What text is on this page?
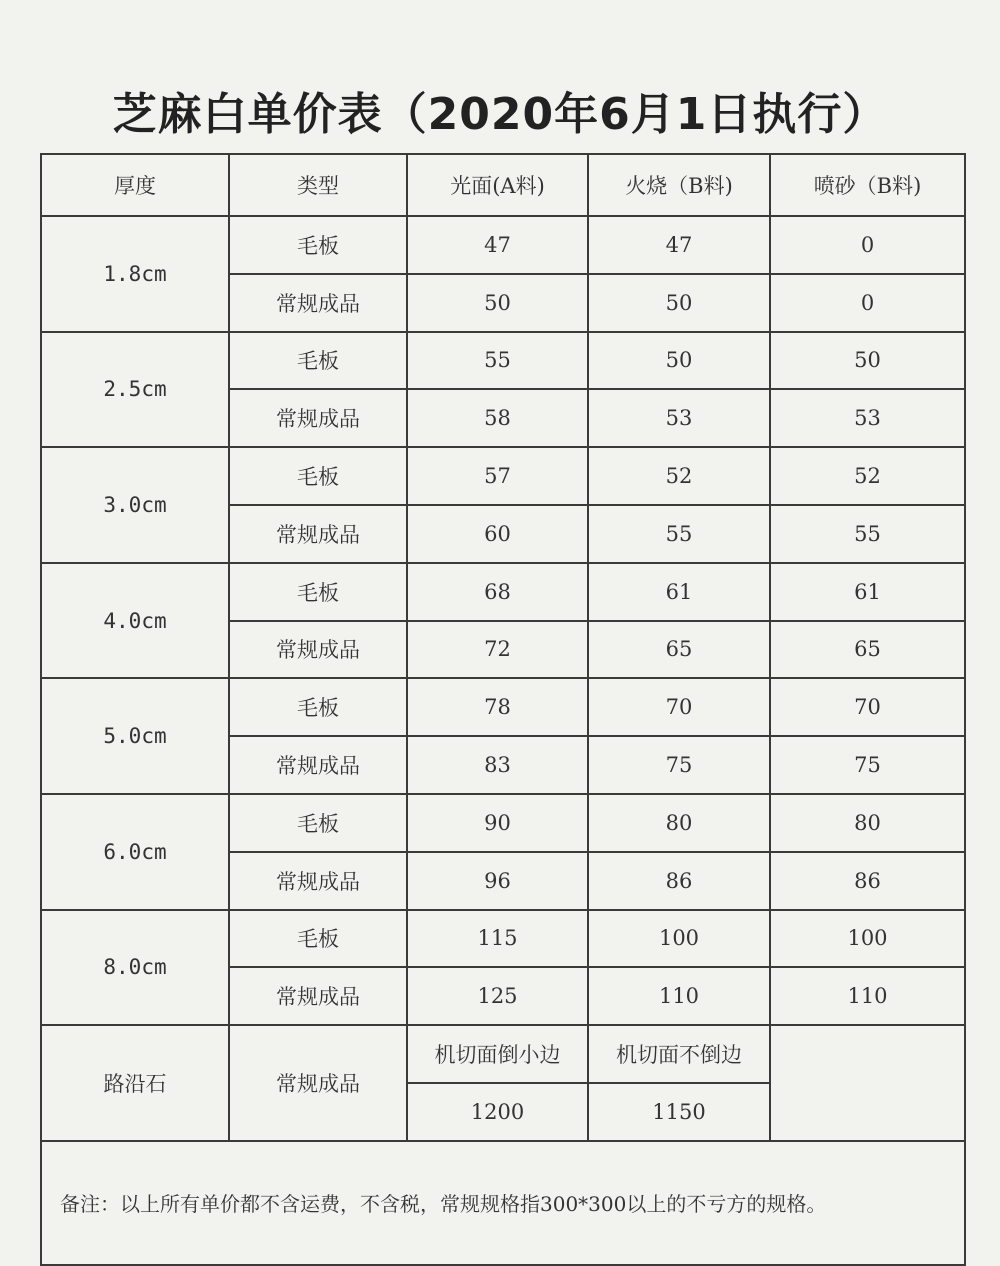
芝麻白单价表（2020年6月1日执行）
厚度	类型	光面(A料)	火烧（B料)	喷砂（B料)
1.8cm	毛板	47	47	0
	常规成品	50	50	0
2.5cm	毛板	55	50	50
	常规成品	58	53	53
3.0cm	毛板	57	52	52
	常规成品	60	55	55
4.0cm	毛板	68	61	61
	常规成品	72	65	65
5.0cm	毛板	78	70	70
	常规成品	83	75	75
6.0cm	毛板	90	80	80
	常规成品	96	86	86
8.0cm	毛板	115	100	100
	常规成品	125	110	110
路沿石	常规成品	机切面倒小边	机切面不倒边	
		1200	1150	
备注：以上所有单价都不含运费，不含税，常规规格指300*300以上的不亏方的规格。				
